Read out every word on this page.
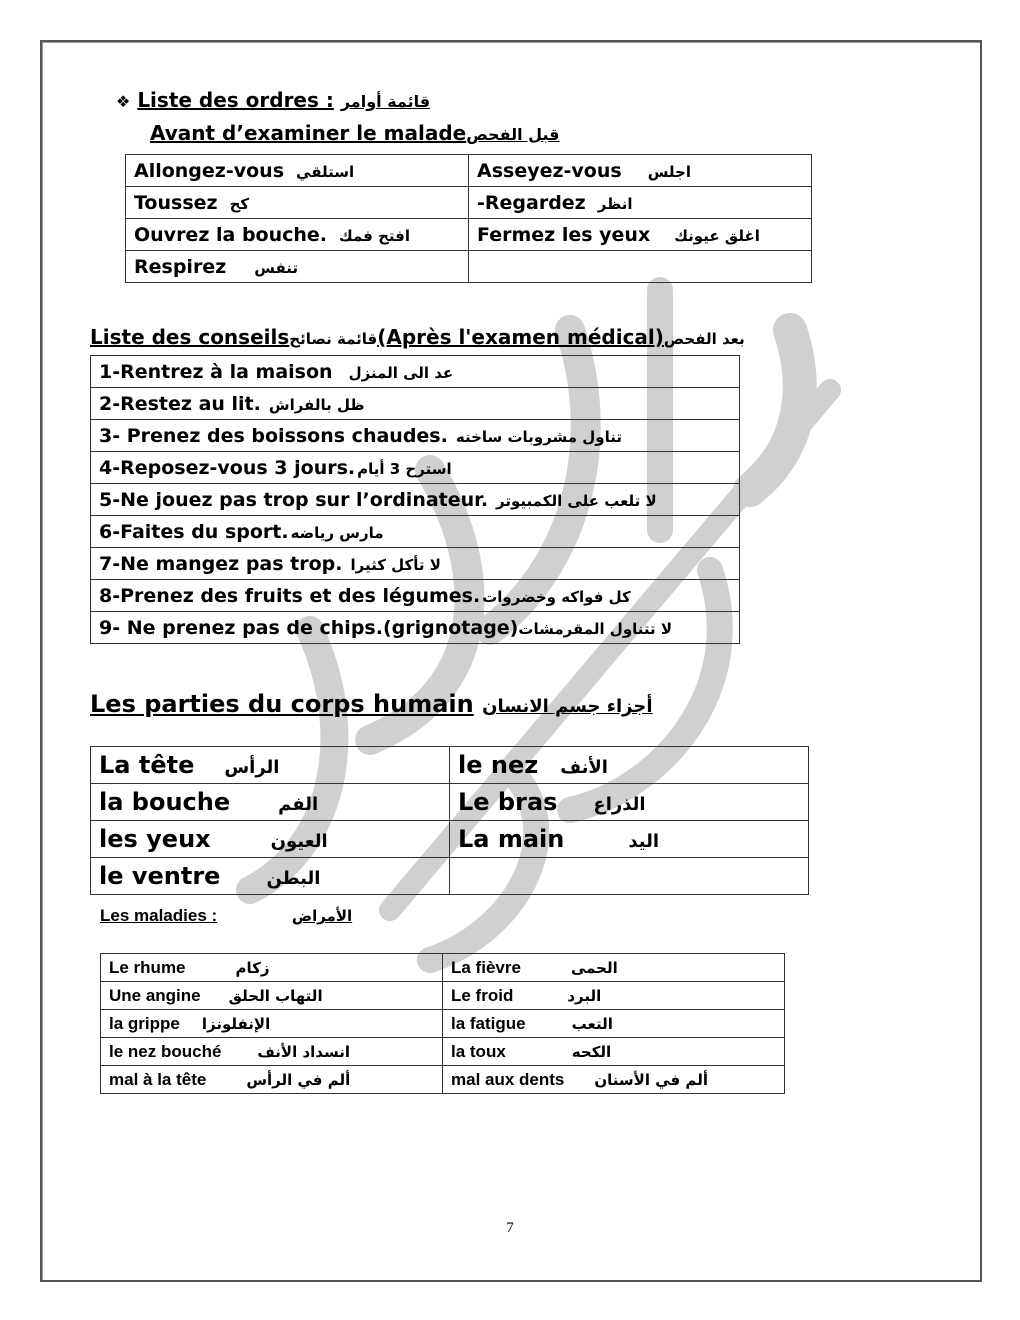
❖ Liste des ordres : قائمة أوامر
Avant d’examiner le maladeقبل الفحص
Allongez-vous استلقي	Asseyez-vous اجلس
Toussez كح	-Regardez انظر
Ouvrez la bouche. افتح فمك	Fermez les yeux اغلق عيونك
Respirez تنفس	
Liste des conseilsقائمة نصائح(Après l'examen médical)بعد الفحص
1-Rentrez à la maison عد الى المنزل
2-Restez au lit. ظل بالفراش
3- Prenez des boissons chaudes. تناول مشروبات ساخنه
4-Reposez-vous 3 jours. استرح 3 أيام
5-Ne jouez pas trop sur l’ordinateur. لا تلعب على الكمبيوتر
6-Faites du sport. مارس رياضه
7-Ne mangez pas trop. لا تأكل كثيرا
8-Prenez des fruits et des légumes. كل فواكه وخضروات
9- Ne prenez pas de chips.(grignotage)لا تتناول المقرمشات
Les parties du corps humain أجزاء جسم الانسان
La tête الرأس	le nez الأنف
la bouche الفم	Le bras الذراع
les yeux العيون	La main اليد
le ventre البطن	
Les maladies :	الأمراض
Le rhume زكام	La fièvre الحمى
Une angine التهاب الحلق	Le froid البرد
la grippe الإنفلونزا	la fatigue التعب
le nez bouché انسداد الأنف	la toux الكحه
mal à la tête ألم في الرأس	mal aux dents ألم في الأسنان
7
